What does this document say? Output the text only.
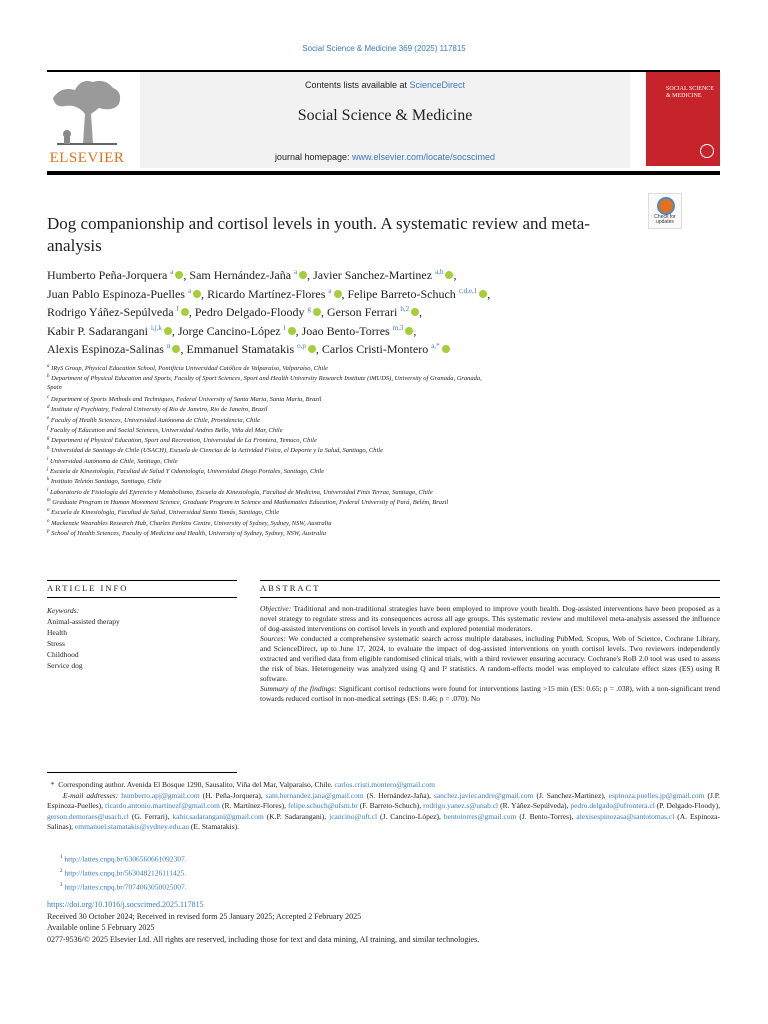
Social Science & Medicine 369 (2025) 117815
ELSEVIER
Contents lists available at ScienceDirect
Social Science & Medicine
journal homepage: www.elsevier.com/locate/socscimed
SOCIAL SCIENCE & MEDICINE
Dog companionship and cortisol levels in youth. A systematic review and meta-analysis
Check for updates
Humberto Peña-Jorquera $^a$ , Sam Hernández-Jaña $^a$ , Javier Sanchez-Martinez $^{a,b}$ ,
Juan Pablo Espinoza-Puelles $^a$ , Ricardo Martínez-Flores $^a$ , Felipe Barreto-Schuch $^{c,d,e,1}$ ,
Rodrigo Yáñez-Sepúlveda $^f$ , Pedro Delgado-Floody $^g$ , Gerson Ferrari $^{h,2}$ ,
Kabir P. Sadarangani $^{i,j,k}$ , Jorge Cancino-López $^l$ , Joao Bento-Torres $^{m,3}$ ,
Alexis Espinoza-Salinas $^n$ , Emmanuel Stamatakis $^{o,p}$ , Carlos Cristi-Montero $^{a,*}$
$^a$ IRyS Group, Physical Education School, Pontificia Universidad Católica de Valparaíso, Valparaíso, Chile
$^b$ Department of Physical Education and Sports, Faculty of Sport Sciences, Sport and Health University Research Institute (iMUDS), University of Granada, Granada,
Spain
$^c$ Department of Sports Methods and Techniques, Federal University of Santa Maria, Santa Maria, Brazil
$^d$ Institute of Psychiatry, Federal University of Rio de Janeiro, Rio de Janeiro, Brazil
$^e$ Faculty of Health Sciences, Universidad Autónoma de Chile, Providencia, Chile
$^f$ Faculty of Education and Social Sciences, Universidad Andres Bello, Viña del Mar, Chile
$^g$ Department of Physical Education, Sport and Recreation, Universidad de La Frontera, Temuco, Chile
$^h$ Universidad de Santiago de Chile (USACH), Escuela de Ciencias de la Actividad Física, el Deporte y la Salud, Santiago, Chile
$^i$ Universidad Autónoma de Chile, Santiago, Chile
$^j$ Escuela de Kinesiología, Facultad de Salud Y Odontología, Universidad Diego Portales, Santiago, Chile
$^k$ Instituto Teletón Santiago, Santiago, Chile
$^l$ Laboratorio de Fisiología del Ejercicio y Metabolismo, Escuela de Kinesiología, Facultad de Medicina, Universidad Finis Terrae, Santiago, Chile
$^m$ Graduate Program in Human Movement Science, Graduate Program in Science and Mathematics Education, Federal University of Pará, Belém, Brazil
$^n$ Escuela de Kinesiología, Facultad de Salud, Universidad Santo Tomás, Santiago, Chile
$^o$ Mackenzie Wearables Research Hub, Charles Perkins Centre, University of Sydney, Sydney, NSW, Australia
$^p$ School of Health Sciences, Faculty of Medicine and Health, University of Sydney, Sydney, NSW, Australia
ARTICLE INFO
Keywords:
Animal-assisted therapy
Health
Stress
Childhood
Service dog
ABSTRACT

Objective: Traditional and non-traditional strategies have been employed to improve youth health. Dog-assisted interventions have been proposed as a novel strategy to regulate stress and its consequences across all age groups. This systematic review and multilevel meta-analysis assessed the influence of dog-assisted interventions on cortisol levels in youth and explored potential moderators.

Sources: We conducted a comprehensive systematic search across multiple databases, including PubMed, Scopus, Web of Science, Cochrane Library, and ScienceDirect, up to June 17, 2024, to evaluate the impact of dog-assisted interventions on youth cortisol levels. Two reviewers independently extracted and verified data from eligible randomised clinical trials, with a third reviewer ensuring accuracy. Cochrane's RoB 2.0 tool was used to assess the risk of bias. Heterogeneity was analyzed using Q and I² statistics. A random-effects model was employed to calculate effect sizes (ES) using R software.

Summary of the findings: Significant cortisol reductions were found for interventions lasting >15 min (ES: 0.65; p = .038), with a non-significant trend towards reduced cortisol in non-medical settings (ES: 0.46; p = .070). No

*  Corresponding author. Avenida El Bosque 1290, Sausalito, Viña del Mar, Valparaíso, Chile. carlos.cristi.montero@gmail.com

E-mail addresses: humberto.apj@gmail.com (H. Peña-Jorquera), sam.hernandez.jana@gmail.com (S. Hernández-Jaña), sanchez.javier.andre@gmail.com (J. Sanchez-Martinez), espinoza.puelles.jp@gmail.com (J.P. Espinoza-Puelles), ricardo.antonio.martinezf@gmail.com (R. Martínez-Flores), felipe.schuch@ufsm.br (F. Barreto-Schuch), rodrigo.yanez.s@unab.cl (R. Yáñez-Sepúlveda), pedro.delgado@ufrontera.cl (P. Delgado-Floody), gerson.demoraes@usach.cl (G. Ferrari), kabir.sadarangani@gmail.com (K.P. Sadarangani), jcancino@uft.cl (J. Cancino-López), bentotorres@gmail.com (J. Bento-Torres), alexisespinozasa@santotomas.cl (A. Espinoza-Salinas), emmanuel.stamatakis@sydney.edu.au (E. Stamatakis).

$^1$ http://lattes.cnpq.br/6306560661092307.
$^2$ http://lattes.cnpq.br/5630482126111425.
$^3$ http://lattes.cnpq.br/7074063050025007.

https://doi.org/10.1016/j.socscimed.2025.117815

Received 30 October 2024; Received in revised form 25 January 2025; Accepted 2 February 2025

Available online 5 February 2025

0277-9536/© 2025 Elsevier Ltd. All rights are reserved, including those for text and data mining, AI training, and similar technologies.
